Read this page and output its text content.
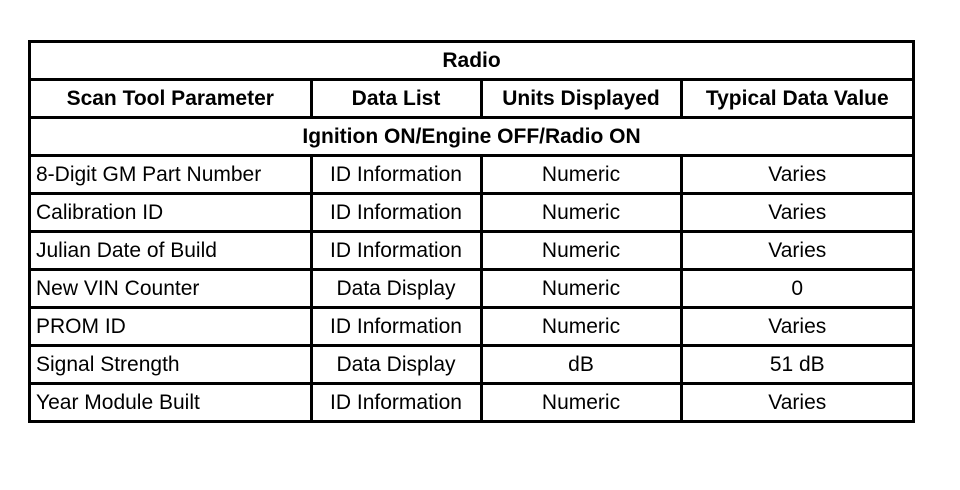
Radio			
Scan Tool Parameter	Data List	Units Displayed	Typical Data Value
Ignition ON/Engine OFF/Radio ON			
8-Digit GM Part Number	ID Information	Numeric	Varies
Calibration ID	ID Information	Numeric	Varies
Julian Date of Build	ID Information	Numeric	Varies
New VIN Counter	Data Display	Numeric	0
PROM ID	ID Information	Numeric	Varies
Signal Strength	Data Display	dB	51 dB
Year Module Built	ID Information	Numeric	Varies
